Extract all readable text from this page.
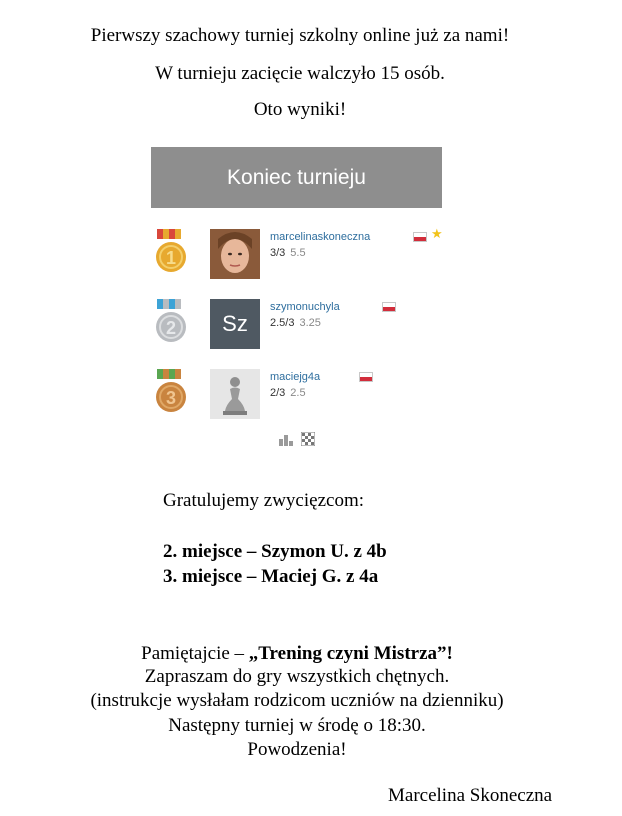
Pierwszy szachowy turniej szkolny online już za nami!
W turnieju zacięcie walczyło 15 osób.
Oto wyniki!
Koniec turnieju
1
marcelinaskoneczna	★
3/3 5.5
2	Sz
szymonuchyla
2.5/3 3.25
3
maciejg4a
2/3 2.5
Gratulujemy zwycięzcom:
2. miejsce – Szymon U. z 4b
3. miejsce – Maciej G. z 4a
Pamiętajcie – „Trening czyni Mistrza”!
Zapraszam do gry wszystkich chętnych.
(instrukcje wysłałam rodzicom uczniów na dzienniku)
Następny turniej w środę o 18:30.
Powodzenia!
Marcelina Skoneczna
